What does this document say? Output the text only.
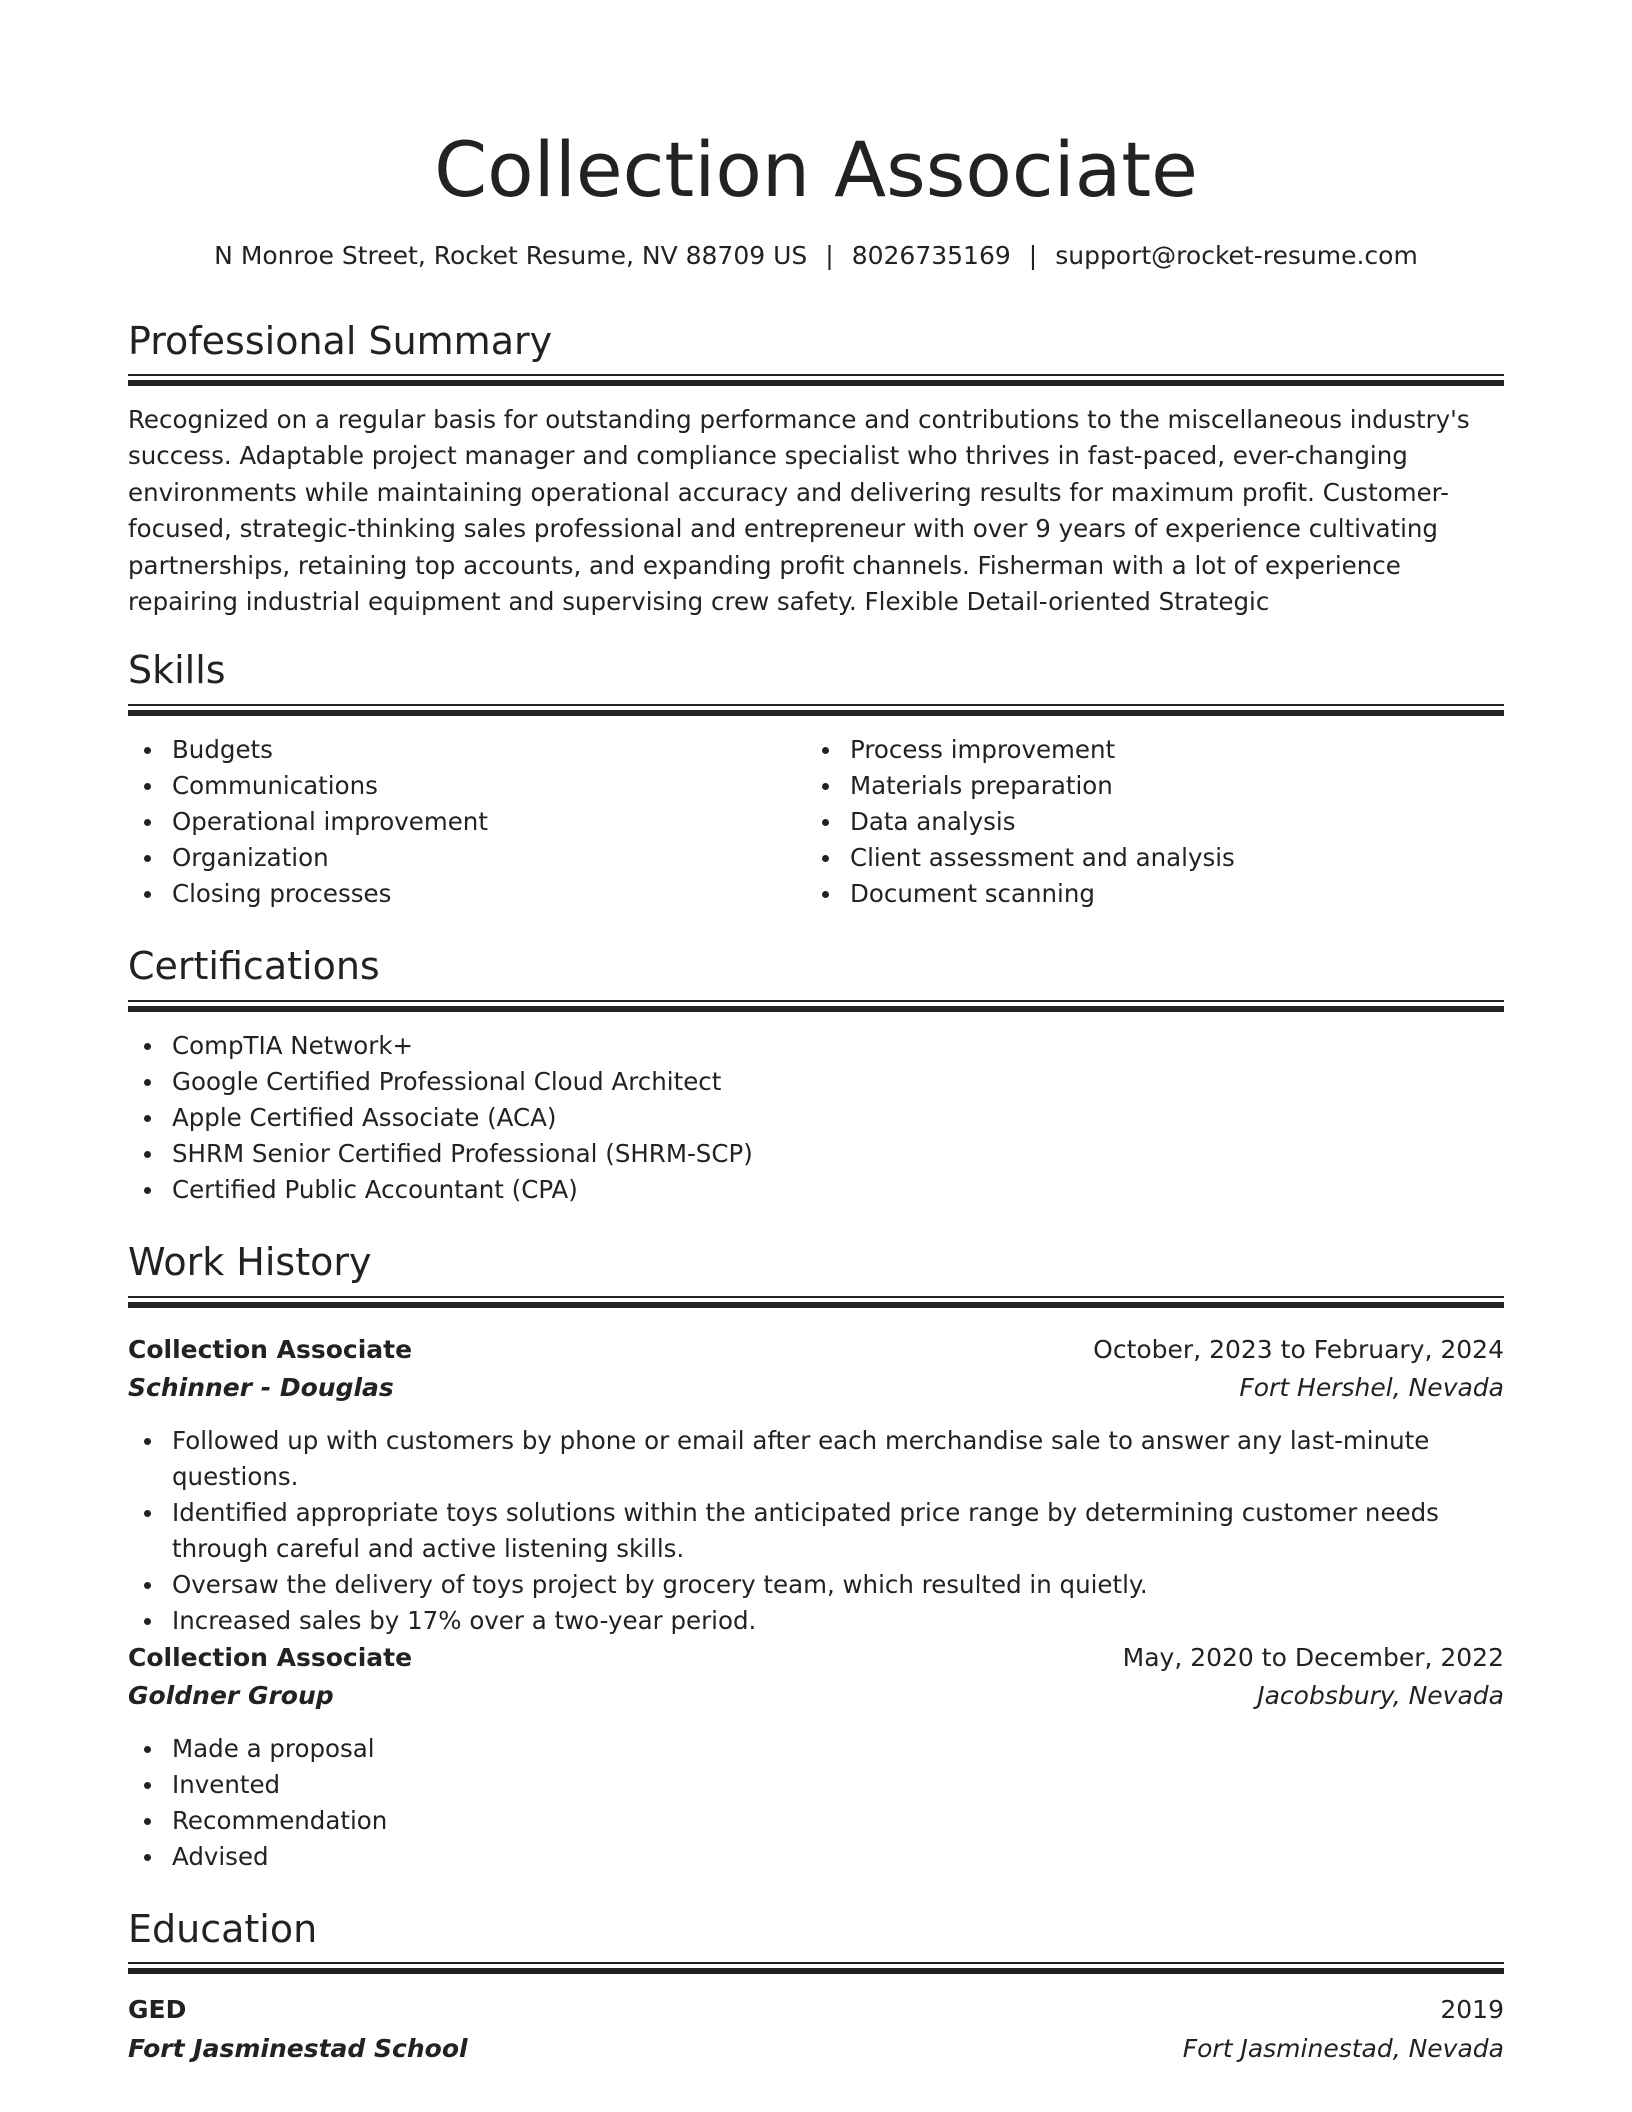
Collection Associate
N Monroe Street, Rocket Resume, NV 88709 US | 8026735169 | support@rocket-resume.com
Professional Summary

Recognized on a regular basis for outstanding performance and contributions to the miscellaneous industry's success. Adaptable project manager and compliance specialist who thrives in fast-paced, ever-changing environments while maintaining operational accuracy and delivering results for maximum profit. Customer-focused, strategic-thinking sales professional and entrepreneur with over 9 years of experience cultivating partnerships, retaining top accounts, and expanding profit channels. Fisherman with a lot of experience repairing industrial equipment and supervising crew safety. Flexible Detail-oriented Strategic

Skills
Budgets
Communications
Operational improvement
Organization
Closing processes
Process improvement
Materials preparation
Data analysis
Client assessment and analysis
Document scanning
Certifications
CompTIA Network+
Google Certified Professional Cloud Architect
Apple Certified Associate (ACA)
SHRM Senior Certified Professional (SHRM-SCP)
Certified Public Accountant (CPA)
Work History
Collection Associate	October, 2023 to February, 2024
Schinner - Douglas	Fort Hershel, Nevada
Followed up with customers by phone or email after each merchandise sale to answer any last-minute questions.
Identified appropriate toys solutions within the anticipated price range by determining customer needs through careful and active listening skills.
Oversaw the delivery of toys project by grocery team, which resulted in quietly.
Increased sales by 17% over a two-year period.
Collection Associate	May, 2020 to December, 2022
Goldner Group	Jacobsbury, Nevada
Made a proposal
Invented
Recommendation
Advised
Education
GED	2019
Fort Jasminestad School	Fort Jasminestad, Nevada
